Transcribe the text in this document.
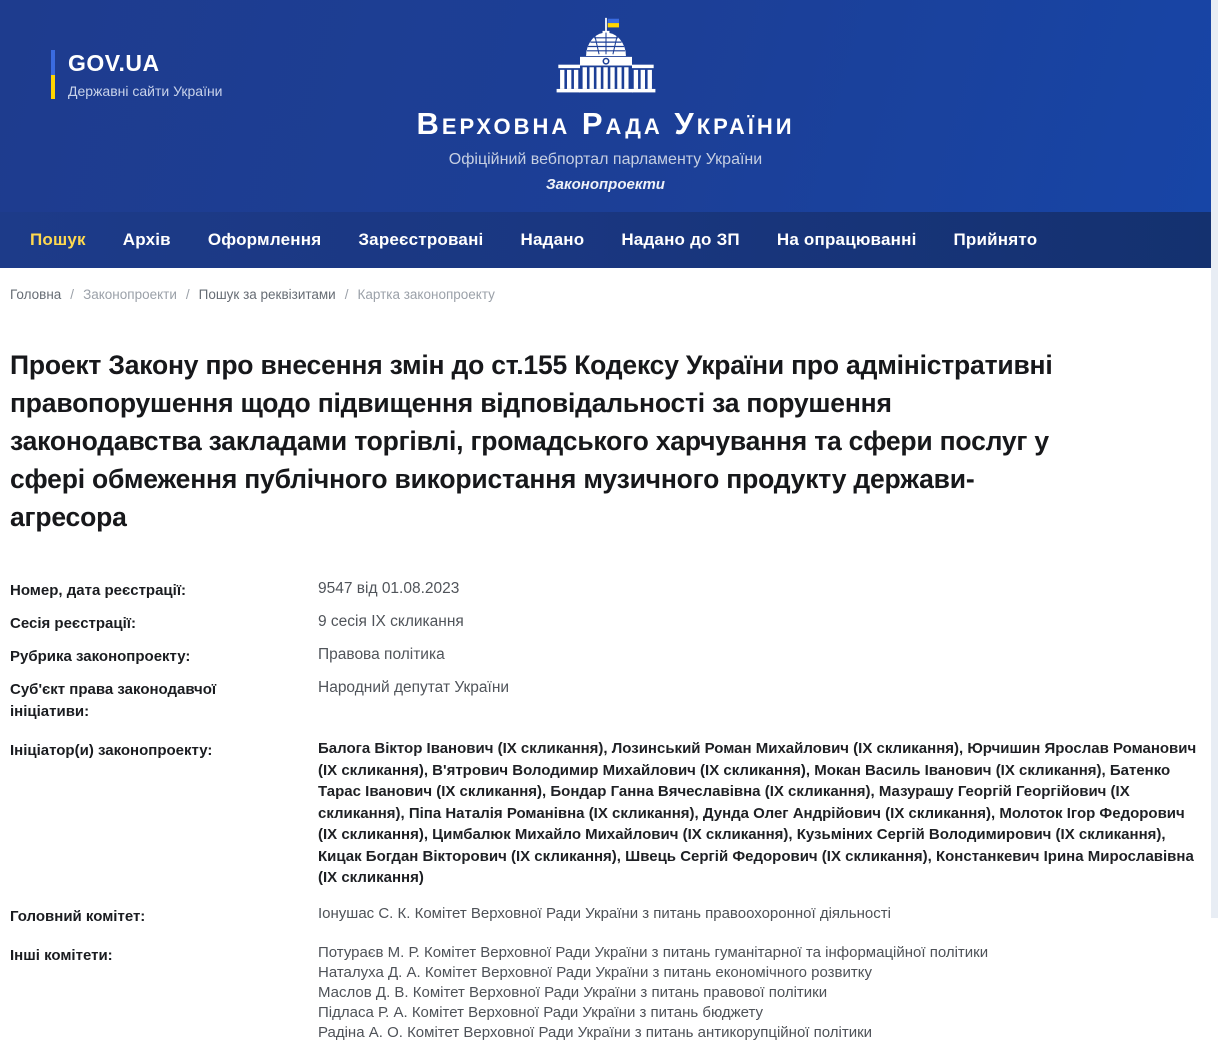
GOV.UA
Державні сайти України
Верховна Рада України
Офіційний вебпортал парламенту України
Законопроекти
Пошук Архів Оформлення Зареєстровані Надано Надано до ЗП На опрацюванні Прийнято
Головна / Законопроекти / Пошук за реквізитами / Картка законопроекту
Проект Закону про внесення змін до ст.155 Кодексу України про адміністративні правопорушення щодо підвищення відповідальності за порушення законодавства закладами торгівлі, громадського харчування та сфери послуг у сфері обмеження публічного використання музичного продукту держави-агресора
Номер, дата реєстрації:	9547 від 01.08.2023
Сесія реєстрації:	9 сесія IX скликання
Рубрика законопроекту:	Правова політика
Суб'єкт права законодавчої ініціативи:
Народний депутат України
Ініціатор(и) законопроекту:	Балога Віктор Іванович (ІХ скликання), Лозинський Роман Михайлович (ІХ скликання), Юрчишин Ярослав Романович (ІХ скликання), В'ятрович Володимир Михайлович (ІХ скликання), Мокан Василь Іванович (ІХ скликання), Батенко Тарас Іванович (ІХ скликання), Бондар Ганна Вячеславівна (ІХ скликання), Мазурашу Георгій Георгійович (ІХ скликання), Піпа Наталія Романівна (ІХ скликання), Дунда Олег Андрійович (ІХ скликання), Молоток Ігор Федорович (ІХ скликання), Цимбалюк Михайло Михайлович (ІХ скликання), Кузьміних Сергій Володимирович (ІХ скликання), Кицак Богдан Вікторович (ІХ скликання), Швець Сергій Федорович (ІХ скликання), Констанкевич Ірина Мирославівна (ІХ скликання)
Головний комітет:	Іонушас С. К. Комітет Верховної Ради України з питань правоохоронної діяльності
Інші комітети:	Потураєв М. Р. Комітет Верховної Ради України з питань гуманітарної та інформаційної політики
Наталуха Д. А. Комітет Верховної Ради України з питань економічного розвитку
Маслов Д. В. Комітет Верховної Ради України з питань правової політики
Підласа Р. А. Комітет Верховної Ради України з питань бюджету
Радіна А. О. Комітет Верховної Ради України з питань антикорупційної політики
